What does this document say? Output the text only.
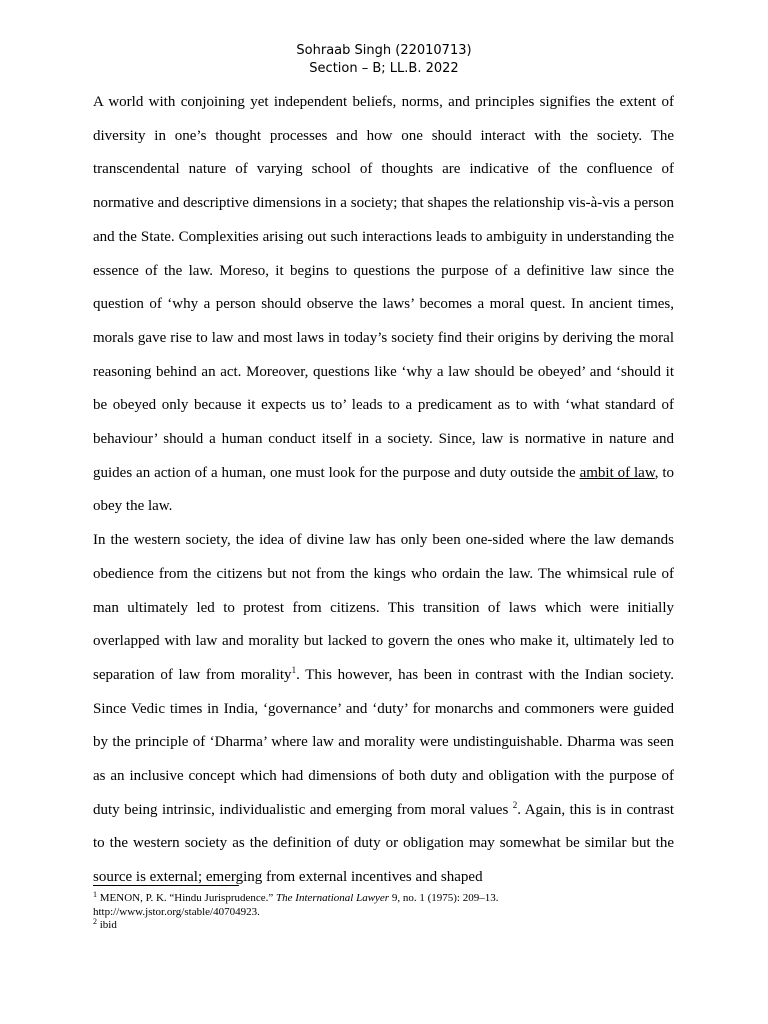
Sohraab Singh (22010713)
Section – B; LL.B. 2022

A world with conjoining yet independent beliefs, norms, and principles signifies the extent of diversity in one’s thought processes and how one should interact with the society. The transcendental nature of varying school of thoughts are indicative of the confluence of normative and descriptive dimensions in a society; that shapes the relationship vis-à-vis a person and the State. Complexities arising out such interactions leads to ambiguity in understanding the essence of the law. Moreso, it begins to questions the purpose of a definitive law since the question of ‘why a person should observe the laws’ becomes a moral quest. In ancient times, morals gave rise to law and most laws in today’s society find their origins by deriving the moral reasoning behind an act. Moreover, questions like ‘why a law should be obeyed’ and ‘should it be obeyed only because it expects us to’ leads to a predicament as to with ‘what standard of behaviour’ should a human conduct itself in a society. Since, law is normative in nature and guides an action of a human, one must look for the purpose and duty outside the ambit of law, to obey the law.

In the western society, the idea of divine law has only been one-sided where the law demands obedience from the citizens but not from the kings who ordain the law. The whimsical rule of man ultimately led to protest from citizens. This transition of laws which were initially overlapped with law and morality but lacked to govern the ones who make it, ultimately led to separation of law from morality$^1$. This however, has been in contrast with the Indian society. Since Vedic times in India, ‘governance’ and ‘duty’ for monarchs and commoners were guided by the principle of ‘Dharma’ where law and morality were undistinguishable. Dharma was seen as an inclusive concept which had dimensions of both duty and obligation with the purpose of duty being intrinsic, individualistic and emerging from moral values $^2$. Again, this is in contrast to the western society as the definition of duty or obligation may somewhat be similar but the source is external; emerging from external incentives and shaped

$^1$ MENON, P. K. “Hindu Jurisprudence.” The International Lawyer 9, no. 1 (1975): 209–13.
http://www.jstor.org/stable/40704923.
$^2$ ibid
